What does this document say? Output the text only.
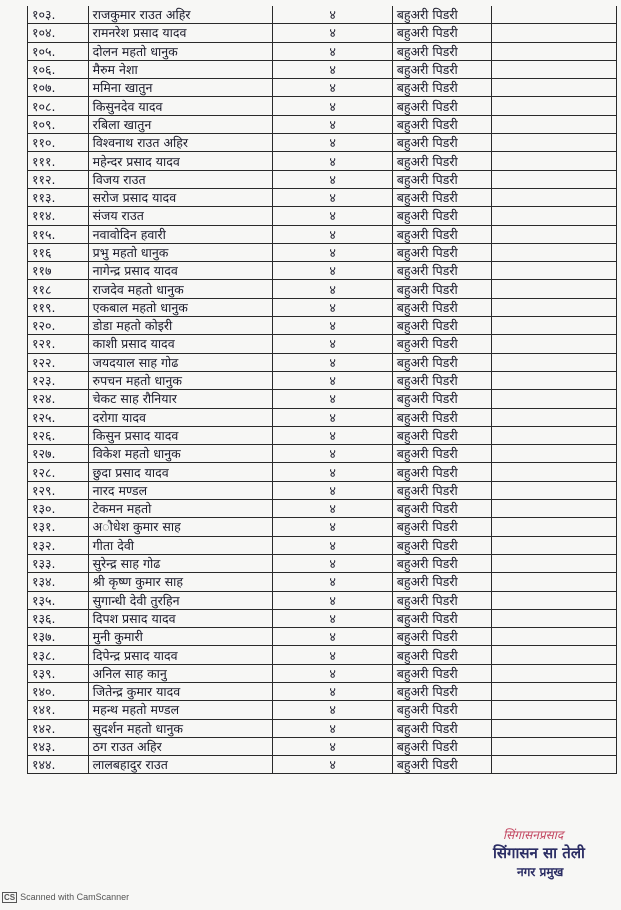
१०३.	राजकुमार राउत अहिर	४	बहुअरी पिडरी	
१०४.	रामनरेश प्रसाद यादव	४	बहुअरी पिडरी	
१०५.	दोलन महतो धानुक	४	बहुअरी पिडरी	
१०६.	मैरुम नेशा	४	बहुअरी पिडरी	
१०७.	ममिना खातुन	४	बहुअरी पिडरी	
१०८.	किसुनदेव यादव	४	बहुअरी पिडरी	
१०९.	रबिला खातुन	४	बहुअरी पिडरी	
११०.	विश्वनाथ राउत अहिर	४	बहुअरी पिडरी	
१११.	महेन्दर प्रसाद यादव	४	बहुअरी पिडरी	
११२.	विजय राउत	४	बहुअरी पिडरी	
११३.	सरोज प्रसाद यादव	४	बहुअरी पिडरी	
११४.	संजय राउत	४	बहुअरी पिडरी	
११५.	नवावोदिन हवारी	४	बहुअरी पिडरी	
११६	प्रभु महतो धानुक	४	बहुअरी पिडरी	
११७	नागेन्द्र प्रसाद यादव	४	बहुअरी पिडरी	
११८	राजदेव महतो धानुक	४	बहुअरी पिडरी	
११९.	एकबाल महतो धानुक	४	बहुअरी पिडरी	
१२०.	डोडा महतो कोइरी	४	बहुअरी पिडरी	
१२१.	काशी प्रसाद यादव	४	बहुअरी पिडरी	
१२२.	जयदयाल साह गोढ	४	बहुअरी पिडरी	
१२३.	रुपचन महतो धानुक	४	बहुअरी पिडरी	
१२४.	चेकट साह रौनियार	४	बहुअरी पिडरी	
१२५.	दरोगा यादव	४	बहुअरी पिडरी	
१२६.	किसुन प्रसाद यादव	४	बहुअरी पिडरी	
१२७.	विकेश महतो धानुक	४	बहुअरी पिडरी	
१२८.	छुदा प्रसाद यादव	४	बहुअरी पिडरी	
१२९.	नारद मण्डल	४	बहुअरी पिडरी	
१३०.	टेकमन महतो	४	बहुअरी पिडरी	
१३१.	अौधेश कुमार साह	४	बहुअरी पिडरी	
१३२.	गीता देवी	४	बहुअरी पिडरी	
१३३.	सुरेन्द्र साह गोढ	४	बहुअरी पिडरी	
१३४.	श्री कृष्ण कुमार साह	४	बहुअरी पिडरी	
१३५.	सुगान्धी देवी तुरहिन	४	बहुअरी पिडरी	
१३६.	दिपश प्रसाद यादव	४	बहुअरी पिडरी	
१३७.	मुनी कुमारी	४	बहुअरी पिडरी	
१३८.	दिपेन्द्र प्रसाद यादव	४	बहुअरी पिडरी	
१३९.	अनिल साह कानु	४	बहुअरी पिडरी	
१४०.	जितेन्द्र कुमार यादव	४	बहुअरी पिडरी	
१४१.	महन्थ महतो मण्डल	४	बहुअरी पिडरी	
१४२.	सुदर्शन महतो धानुक	४	बहुअरी पिडरी	
१४३.	ठग राउत अहिर	४	बहुअरी पिडरी	
१४४.	लालबहादुर राउत	४	बहुअरी पिडरी	
सिंगासनप्रसाद
सिंगासन सा तेली
नगर प्रमुख
CS Scanned with CamScanner
